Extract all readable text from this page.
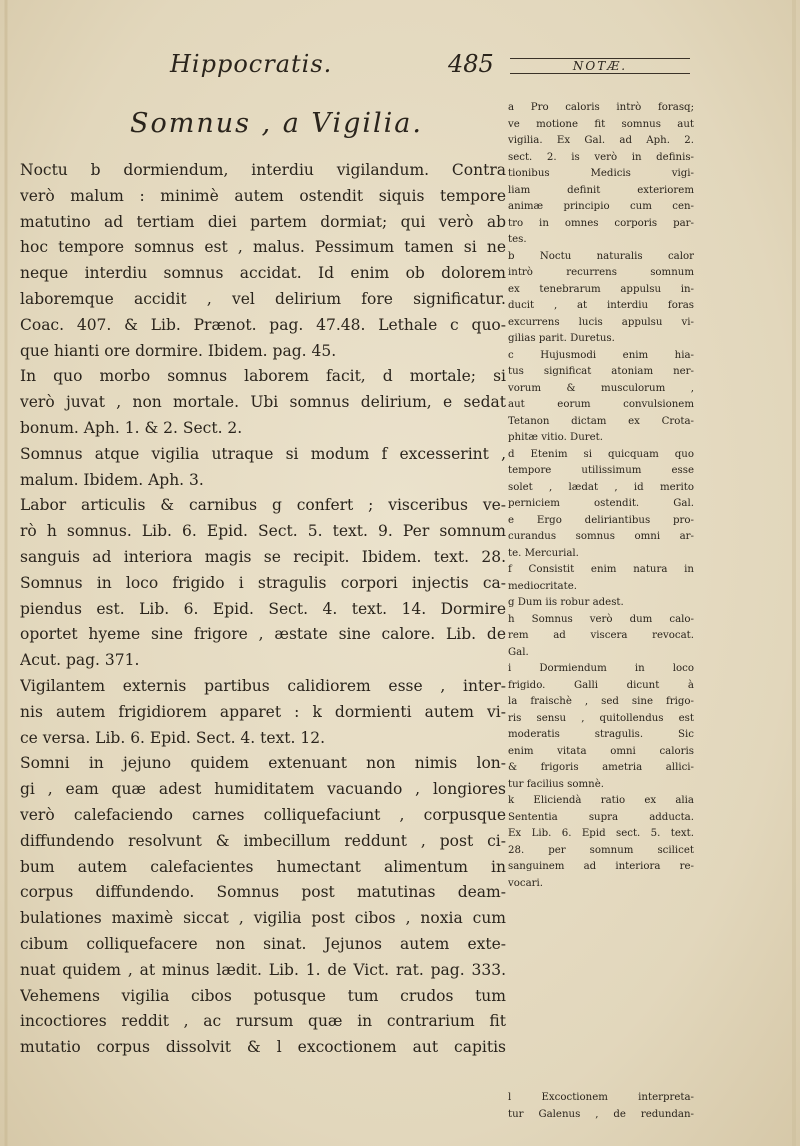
Hippocratis.	485	NOTÆ.
Somnus , a Vigilia.
Noctu b dormiendum, interdiu vigilandum. Contra
verò malum : minimè autem ostendit siquis tempore
matutino ad tertiam diei partem dormiat; qui verò ab
hoc tempore somnus est , malus. Pessimum tamen si ne
neque interdiu somnus accidat. Id enim ob dolorem
laboremque accidit , vel delirium fore significatur.
Coac. 407. & Lib. Prænot. pag. 47.48. Lethale c quo-
que hianti ore dormire. Ibidem. pag. 45.
In quo morbo somnus laborem facit, d mortale; si
verò juvat , non mortale. Ubi somnus delirium, e sedat
bonum. Aph. 1. & 2. Sect. 2.
Somnus atque vigilia utraque si modum f excesserint ,
malum. Ibidem. Aph. 3.
Labor articulis & carnibus g confert ; visceribus ve-
rò h somnus. Lib. 6. Epid. Sect. 5. text. 9. Per somnum
sanguis ad interiora magis se recipit. Ibidem. text. 28.
Somnus in loco frigido i stragulis corpori injectis ca-
piendus est. Lib. 6. Epid. Sect. 4. text. 14. Dormire
oportet hyeme sine frigore , æstate sine calore. Lib. de
Acut. pag. 371.
Vigilantem externis partibus calidiorem esse , inter-
nis autem frigidiorem apparet : k dormienti autem vi-
ce versa. Lib. 6. Epid. Sect. 4. text. 12.
Somni in jejuno quidem extenuant non nimis lon-
gi , eam quæ adest humiditatem vacuando , longiores
verò calefaciendo carnes colliquefaciunt , corpusque
diffundendo resolvunt & imbecillum reddunt , post ci-
bum autem calefacientes humectant alimentum in
corpus diffundendo. Somnus post matutinas deam-
bulationes maximè siccat , vigilia post cibos , noxia cum
cibum colliquefacere non sinat. Jejunos autem exte-
nuat quidem , at minus lædit. Lib. 1. de Vict. rat. pag. 333.
Vehemens vigilia cibos potusque tum crudos tum
incoctiores reddit , ac rursum quæ in contrarium fit
mutatio corpus dissolvit & l excoctionem aut capitis
a Pro caloris intrò forasq;
ve motione fit somnus aut
vigilia. Ex Gal. ad Aph. 2.
sect. 2. is verò in definis-
tionibus Medicis vigi-
liam definit exteriorem
animæ principio cum cen-
tro in omnes corporis par-
tes.
b Noctu naturalis calor
intrò recurrens somnum
ex tenebrarum appulsu in-
ducit , at interdiu foras
excurrens lucis appulsu vi-
gilias parit. Duretus.
c Hujusmodi enim hia-
tus significat atoniam ner-
vorum & musculorum ,
aut eorum convulsionem
Tetanon dictam ex Crota-
phitæ vitio. Duret.
d Etenim si quicquam quo
tempore utilissimum esse
solet , lædat , id merito
perniciem ostendit. Gal.
e Ergo deliriantibus pro-
curandus somnus omni ar-
te. Mercurial.
f Consistit enim natura in
mediocritate.
g Dum iis robur adest.
h Somnus verò dum calo-
rem ad viscera revocat.
Gal.
i Dormiendum in loco
frigido. Galli dicunt à
la fraischè , sed sine frigo-
ris sensu , quitollendus est
moderatis stragulis. Sic
enim vitata omni caloris
& frigoris ametria allici-
tur facilius somnè.
k Eliciendà ratio ex alia
Sententia supra adducta.
Ex Lib. 6. Epid sect. 5. text.
28. per somnum scilicet
sanguinem ad interiora re-
vocari.
l Excoctionem interpreta-
tur Galenus , de redundan-
